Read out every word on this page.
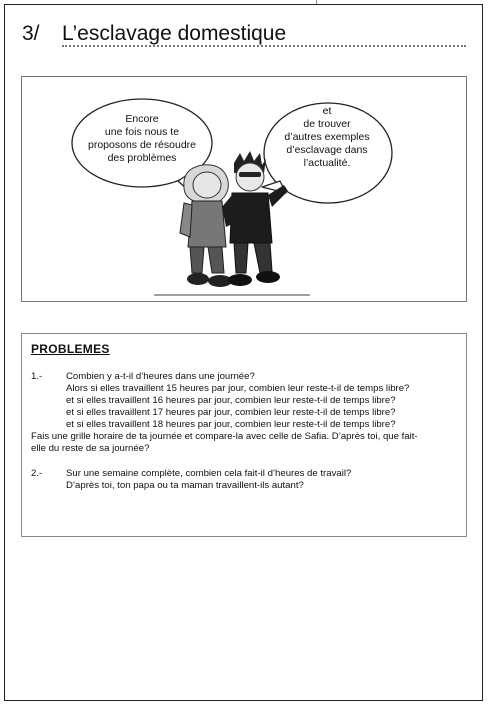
3/ L’esclavage domestique
Encore
une fois nous te
proposons de résoudre
des problèmes
et
de trouver
d’autres exemples
d’esclavage dans
l’actualité.
PROBLEMES
1.- Combien y a-t-il d’heures dans une journée?
Alors si elles travaillent 15 heures par jour, combien leur reste-t-il de temps libre?
et si elles travaillent 16 heures par jour, combien leur reste-t-il de temps libre?
et si elles travaillent 17 heures par jour, combien leur reste-t-il de temps libre?
et si elles travaillent 18 heures par jour, combien leur reste-t-il de temps libre?
Fais une grille horaire de ta journée et compare-la avec celle de Safia. D’après toi, que fait-
elle du reste de sa journée?
2.- Sur une semaine complète, combien cela fait-il d’heures de travail?
D’après toi, ton papa ou ta maman travaillent-ils autant?
